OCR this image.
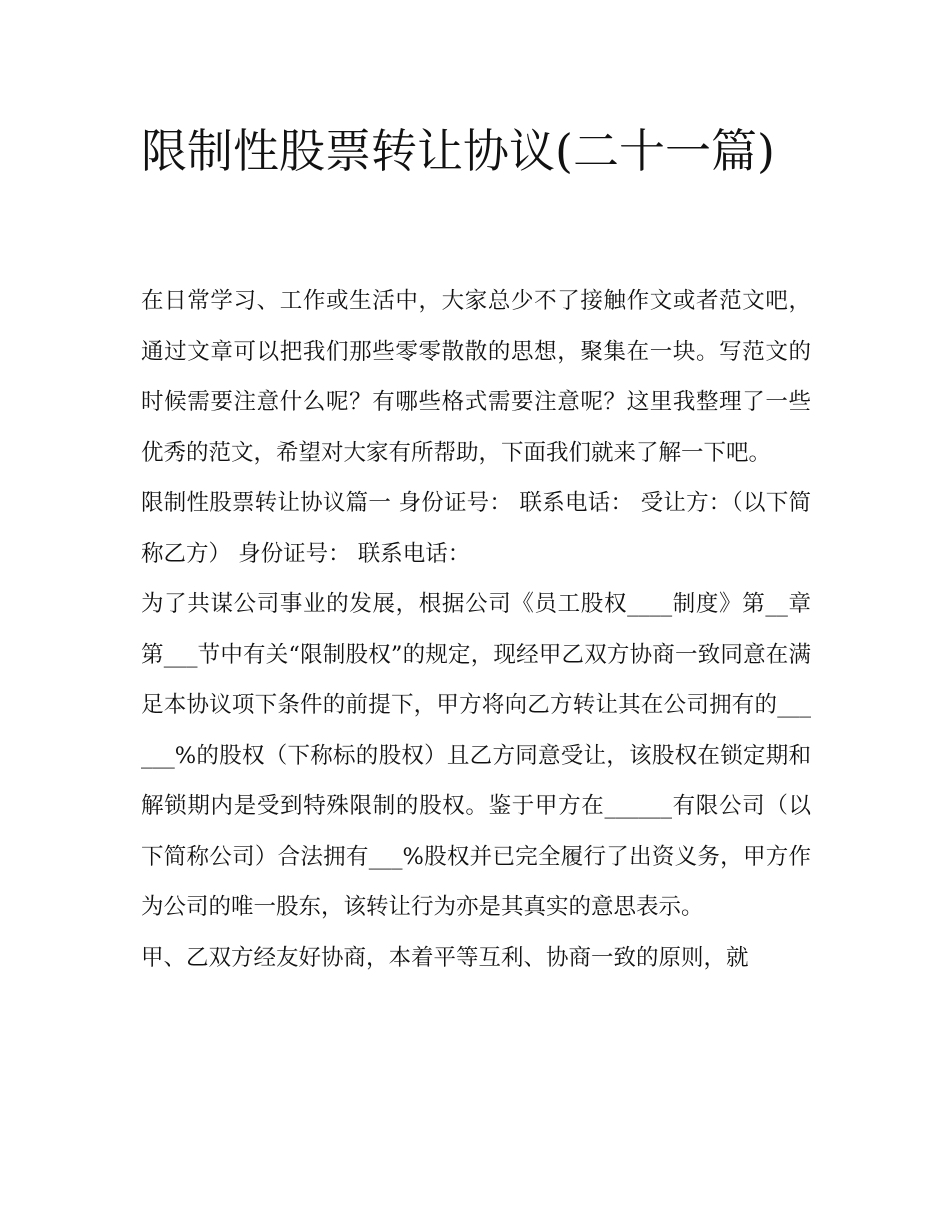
限制性股票转让协议(二十一篇)

在日常学习、工作或生活中，大家总少不了接触作文或者范文吧，通过文章可以把我们那些零零散散的思想，聚集在一块。写范文的时候需要注意什么呢？有哪些格式需要注意呢？这里我整理了一些优秀的范文，希望对大家有所帮助，下面我们就来了解一下吧。

限制性股票转让协议篇一 身份证号： 联系电话： 受让方：（以下简称乙方） 身份证号： 联系电话：

为了共谋公司事业的发展，根据公司《员工股权____制度》第__章第___节中有关“限制股权”的规定，现经甲乙双方协商一致同意在满足本协议项下条件的前提下，甲方将向乙方转让其在公司拥有的______%的股权（下称标的股权）且乙方同意受让，该股权在锁定期和解锁期内是受到特殊限制的股权。鉴于甲方在______有限公司（以下简称公司）合法拥有___%股权并已完全履行了出资义务，甲方作为公司的唯一股东，该转让行为亦是其真实的意思表示。

甲、乙双方经友好协商，本着平等互利、协商一致的原则，就
